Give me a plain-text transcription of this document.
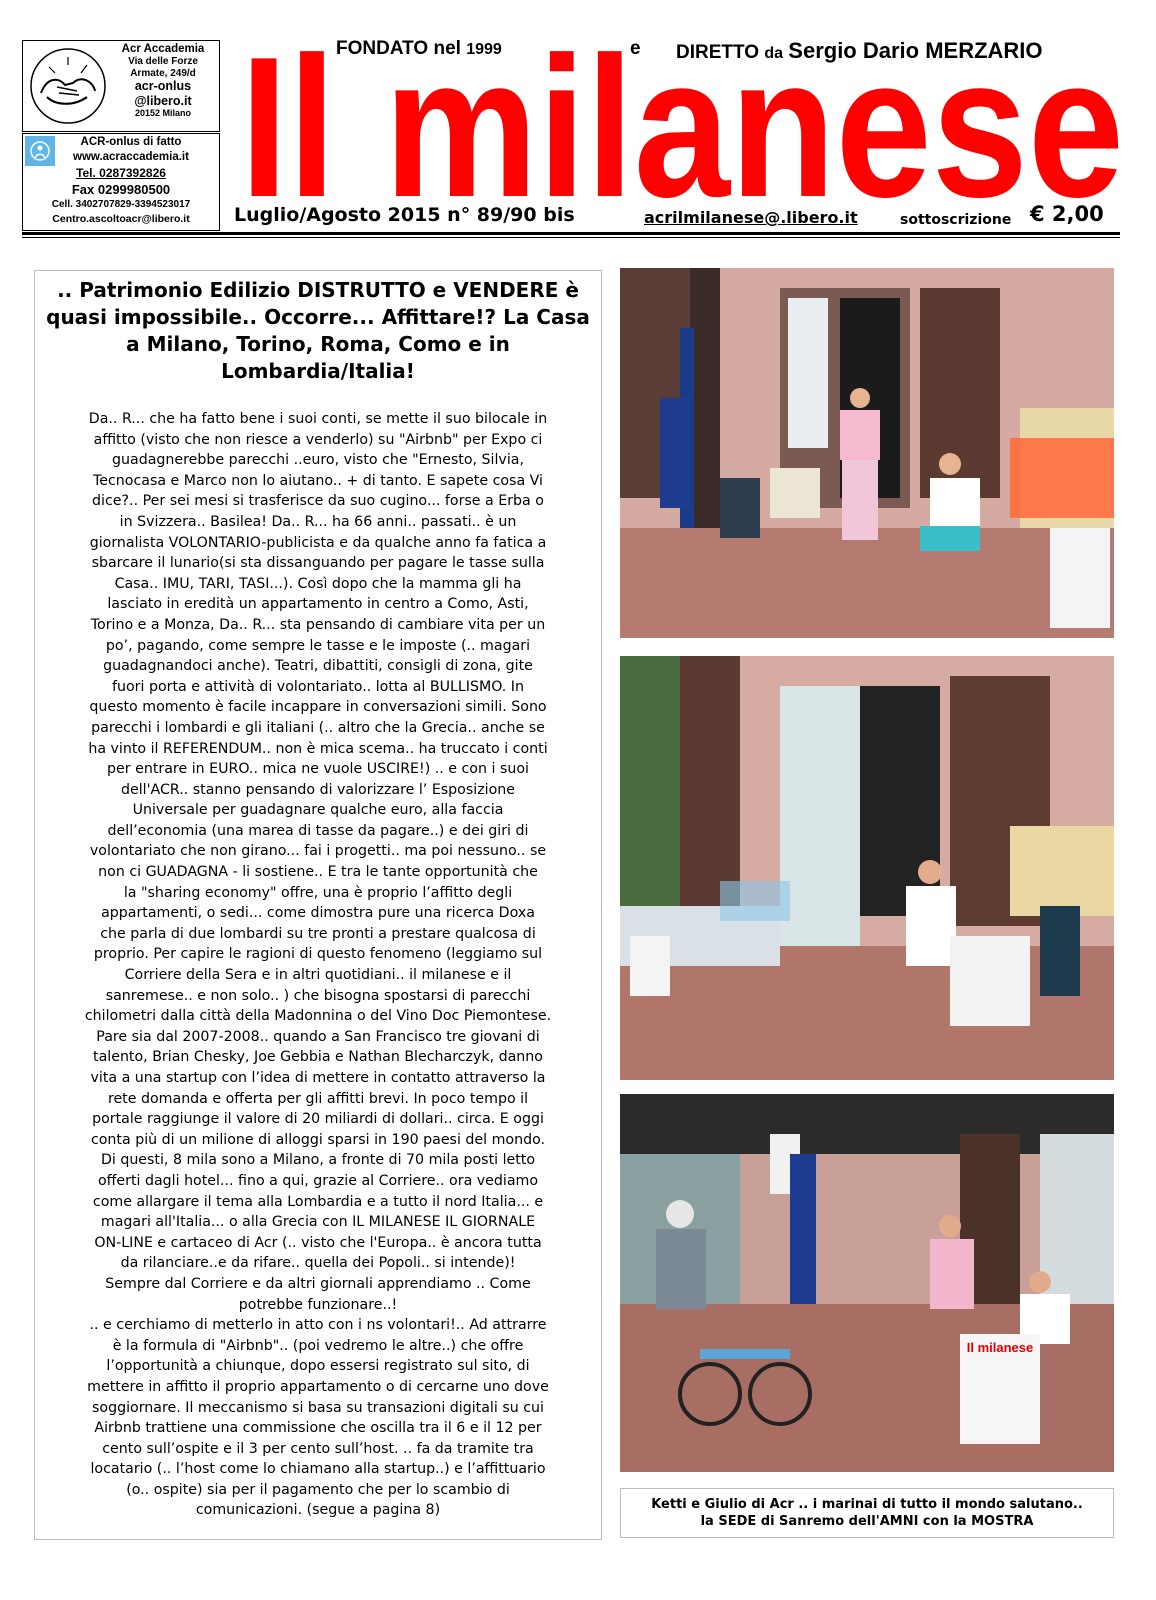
Acr Accademia
Via delle Forze
Armate, 249/d
acr-onlus
@libero.it
20152 Milano
ACR-onlus di fatto
www.acraccademia.it
Tel. 0287392826
Fax 0299980500
Cell. 3402707829-3394523017
Centro.ascoltoacr@libero.it
FONDATO nel 1999	e DIRETTO da Sergio Dario MERZARIO
Il milanese
Luglio/Agosto 2015 n° 89/90 bis	acrilmilanese@.libero.it	sottoscrizione € 2,00
.. Patrimonio Edilizio DISTRUTTO e VENDERE è quasi impossibile.. Occorre... Affittare!? La Casa a Milano, Torino, Roma, Como e in Lombardia/Italia!
Da.. R... che ha fatto bene i suoi conti, se mette il suo bilocale in
affitto (visto che non riesce a venderlo) su "Airbnb" per Expo ci
guadagnerebbe parecchi ..euro, visto che "Ernesto, Silvia,
Tecnocasa e Marco non lo aiutano.. + di tanto. E sapete cosa Vi
dice?.. Per sei mesi si trasferisce da suo cugino... forse a Erba o
in Svizzera.. Basilea! Da.. R... ha 66 anni.. passati.. è un
giornalista VOLONTARIO-publicista e da qualche anno fa fatica a
sbarcare il lunario(si sta dissanguando per pagare le tasse sulla
Casa.. IMU, TARI, TASI...). Così dopo che la mamma gli ha
lasciato in eredità un appartamento in centro a Como, Asti,
Torino e a Monza, Da.. R... sta pensando di cambiare vita per un
po’, pagando, come sempre le tasse e le imposte (.. magari
guadagnandoci anche). Teatri, dibattiti, consigli di zona, gite
fuori porta e attività di volontariato.. lotta al BULLISMO. In
questo momento è facile incappare in conversazioni simili. Sono
parecchi i lombardi e gli italiani (.. altro che la Grecia.. anche se
ha vinto il REFERENDUM.. non è mica scema.. ha truccato i conti
per entrare in EURO.. mica ne vuole USCIRE!) .. e con i suoi
dell'ACR.. stanno pensando di valorizzare l’ Esposizione
Universale per guadagnare qualche euro, alla faccia
dell’economia (una marea di tasse da pagare..) e dei giri di
volontariato che non girano... fai i progetti.. ma poi nessuno.. se
non ci GUADAGNA - li sostiene.. E tra le tante opportunità che
la "sharing economy" offre, una è proprio l’affitto degli
appartamenti, o sedi... come dimostra pure una ricerca Doxa
che parla di due lombardi su tre pronti a prestare qualcosa di
proprio. Per capire le ragioni di questo fenomeno (leggiamo sul
Corriere della Sera e in altri quotidiani.. il milanese e il
sanremese.. e non solo.. ) che bisogna spostarsi di parecchi
chilometri dalla città della Madonnina o del Vino Doc Piemontese.
Pare sia dal 2007-2008.. quando a San Francisco tre giovani di
talento, Brian Chesky, Joe Gebbia e Nathan Blecharczyk, danno
vita a una startup con l’idea di mettere in contatto attraverso la
rete domanda e offerta per gli affitti brevi. In poco tempo il
portale raggiunge il valore di 20 miliardi di dollari.. circa. E oggi
conta più di un milione di alloggi sparsi in 190 paesi del mondo.
Di questi, 8 mila sono a Milano, a fronte di 70 mila posti letto
offerti dagli hotel... fino a qui, grazie al Corriere.. ora vediamo
come allargare il tema alla Lombardia e a tutto il nord Italia... e
magari all'Italia... o alla Grecia con IL MILANESE IL GIORNALE
ON-LINE e cartaceo di Acr (.. visto che l'Europa.. è ancora tutta
da rilanciare..e da rifare.. quella dei Popoli.. si intende)!
Sempre dal Corriere e da altri giornali apprendiamo .. Come
potrebbe funzionare..!
.. e cerchiamo di metterlo in atto con i ns volontari!.. Ad attrarre
è la formula di "Airbnb".. (poi vedremo le altre..) che offre
l’opportunità a chiunque, dopo essersi registrato sul sito, di
mettere in affitto il proprio appartamento o di cercarne uno dove
soggiornare. Il meccanismo si basa su transazioni digitali su cui
Airbnb trattiene una commissione che oscilla tra il 6 e il 12 per
cento sull’ospite e il 3 per cento sull’host. .. fa da tramite tra
locatario (.. l’host come lo chiamano alla startup..) e l’affittuario
(o.. ospite) sia per il pagamento che per lo scambio di
comunicazioni. (segue a pagina 8)
Il milanese
Ketti e Giulio di Acr .. i marinai di tutto il mondo salutano..
la SEDE di Sanremo dell'AMNI con la MOSTRA
